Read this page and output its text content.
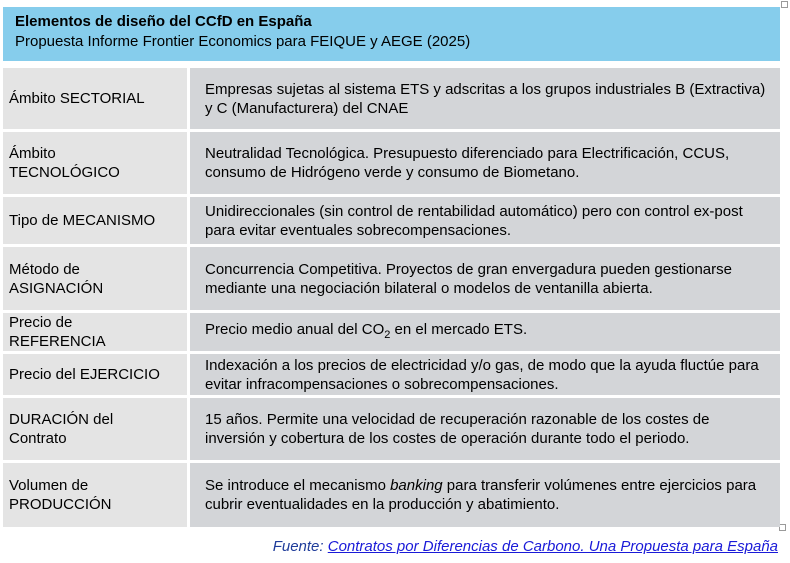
Elementos de diseño del CCfD en España
Propuesta Informe Frontier Economics para FEIQUE y AEGE (2025)
Ámbito SECTORIAL	Empresas sujetas al sistema ETS y adscritas a los grupos industriales B (Extractiva) y C (Manufacturera) del CNAE

Ámbito
TECNOLÓGICO	Neutralidad Tecnológica. Presupuesto diferenciado para Electrificación, CCUS, consumo de Hidrógeno verde y consumo de Biometano.

Tipo de MECANISMO	Unidireccionales (sin control de rentabilidad automático) pero con control ex-post para evitar eventuales sobrecompensaciones.

Método de
ASIGNACIÓN	Concurrencia Competitiva. Proyectos de gran envergadura pueden gestionarse mediante una negociación bilateral o modelos de ventanilla abierta.

Precio de
REFERENCIA	Precio medio anual del $CO_2$ en el mercado ETS.

Precio del EJERCICIO	Indexación a los precios de electricidad y/o gas, de modo que la ayuda fluctúe para evitar infracompensaciones o sobrecompensaciones.

DURACIÓN del
Contrato	15 años. Permite una velocidad de recuperación razonable de los costes de inversión y cobertura de los costes de operación durante todo el periodo.

Volumen de
PRODUCCIÓN	Se introduce el mecanismo banking para transferir volúmenes entre ejercicios para cubrir eventualidades en la producción y abatimiento.
Fuente: Contratos por Diferencias de Carbono. Una Propuesta para España
